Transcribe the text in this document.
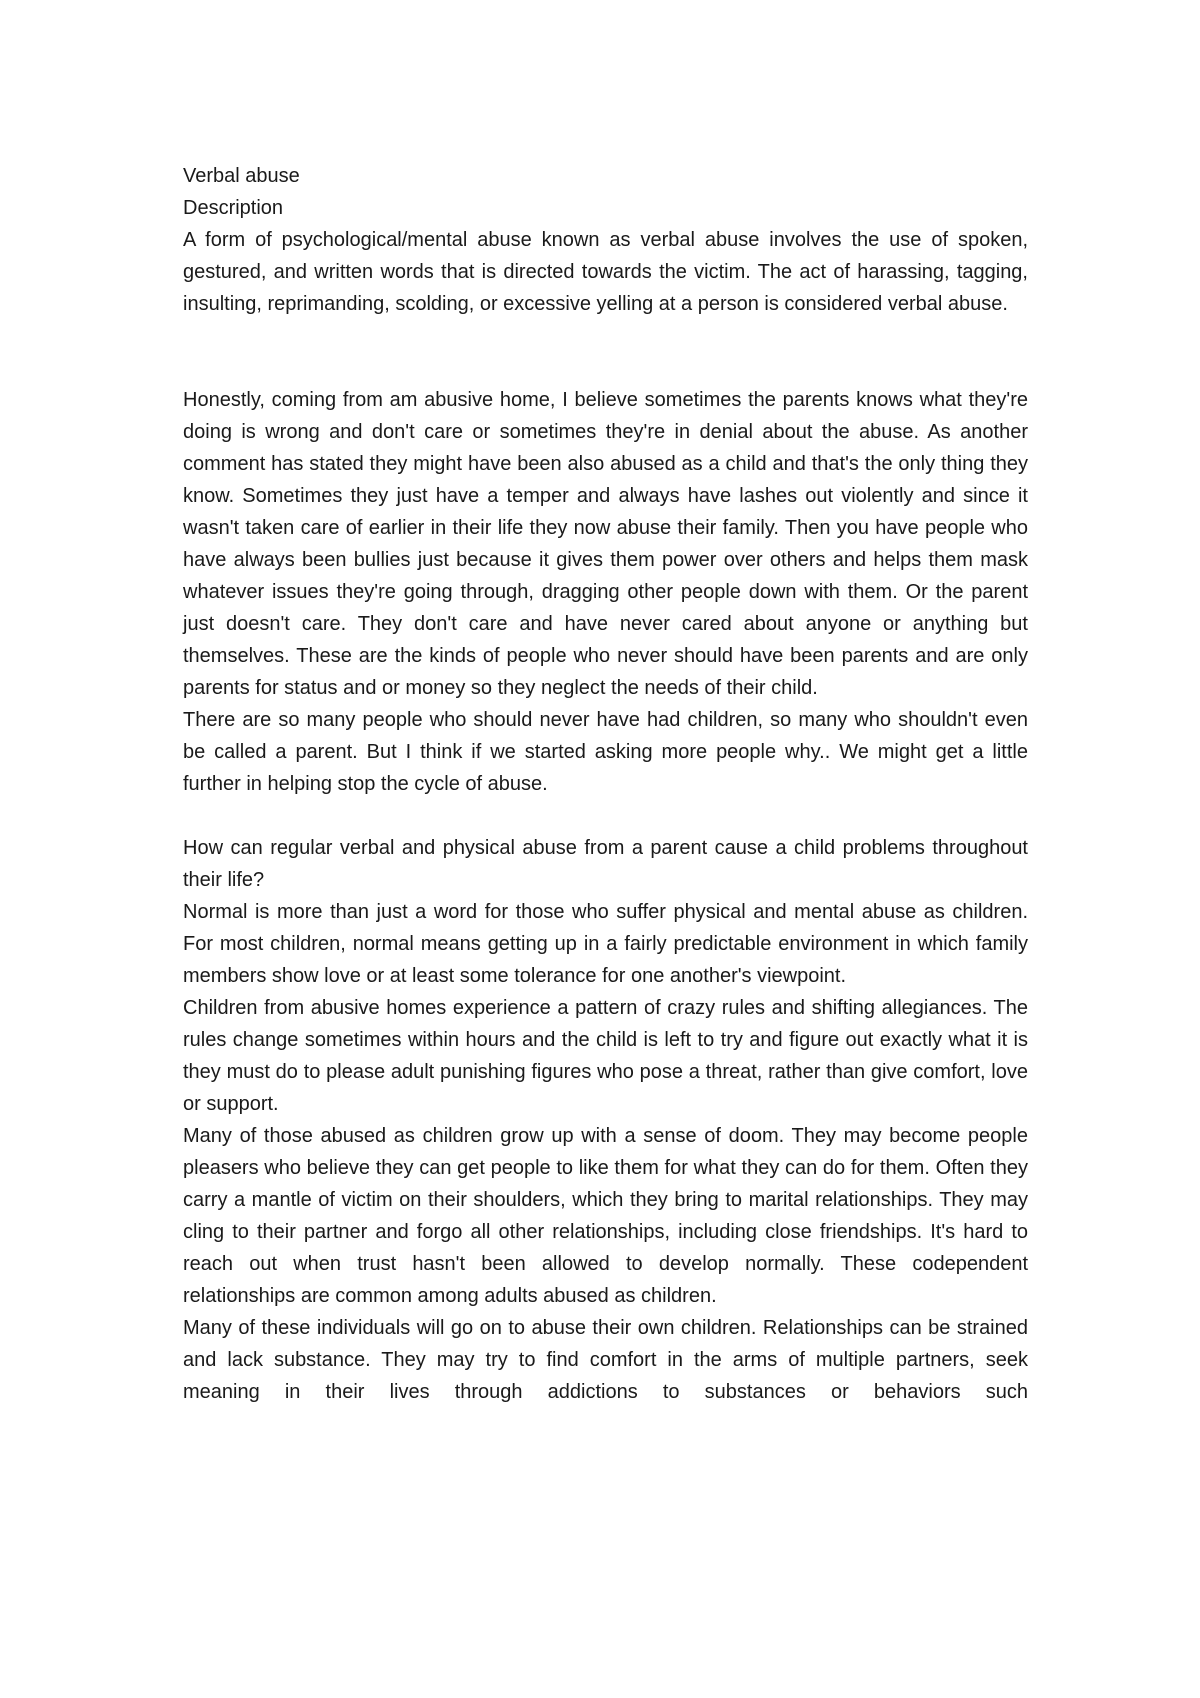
Verbal abuse

Description

A form of psychological/mental abuse known as verbal abuse involves the use of spoken, gestured, and written words that is directed towards the victim. The act of harassing, tagging, insulting, reprimanding, scolding, or excessive yelling at a person is considered verbal abuse.

Honestly, coming from am abusive home, I believe sometimes the parents knows what they're doing is wrong and don't care or sometimes they're in denial about the abuse. As another comment has stated they might have been also abused as a child and that's the only thing they know. Sometimes they just have a temper and always have lashes out violently and since it wasn't taken care of earlier in their life they now abuse their family. Then you have people who have always been bullies just because it gives them power over others and helps them mask whatever issues they're going through, dragging other people down with them. Or the parent just doesn't care. They don't care and have never cared about anyone or anything but themselves. These are the kinds of people who never should have been parents and are only parents for status and or money so they neglect the needs of their child.

There are so many people who should never have had children, so many who shouldn't even be called a parent. But I think if we started asking more people why.. We might get a little further in helping stop the cycle of abuse.

How can regular verbal and physical abuse from a parent cause a child problems throughout their life?

Normal is more than just a word for those who suffer physical and mental abuse as children. For most children, normal means getting up in a fairly predictable environment in which family members show love or at least some tolerance for one another's viewpoint.

Children from abusive homes experience a pattern of crazy rules and shifting allegiances. The rules change sometimes within hours and the child is left to try and figure out exactly what it is they must do to please adult punishing figures who pose a threat, rather than give comfort, love or support.

Many of those abused as children grow up with a sense of doom. They may become people pleasers who believe they can get people to like them for what they can do for them. Often they carry a mantle of victim on their shoulders, which they bring to marital relationships. They may cling to their partner and forgo all other relationships, including close friendships. It's hard to reach out when trust hasn't been allowed to develop normally. These codependent relationships are common among adults abused as children.

Many of these individuals will go on to abuse their own children. Relationships can be strained and lack substance. They may try to find comfort in the arms of multiple partners, seek meaning in their lives through addictions to substances or behaviors such
